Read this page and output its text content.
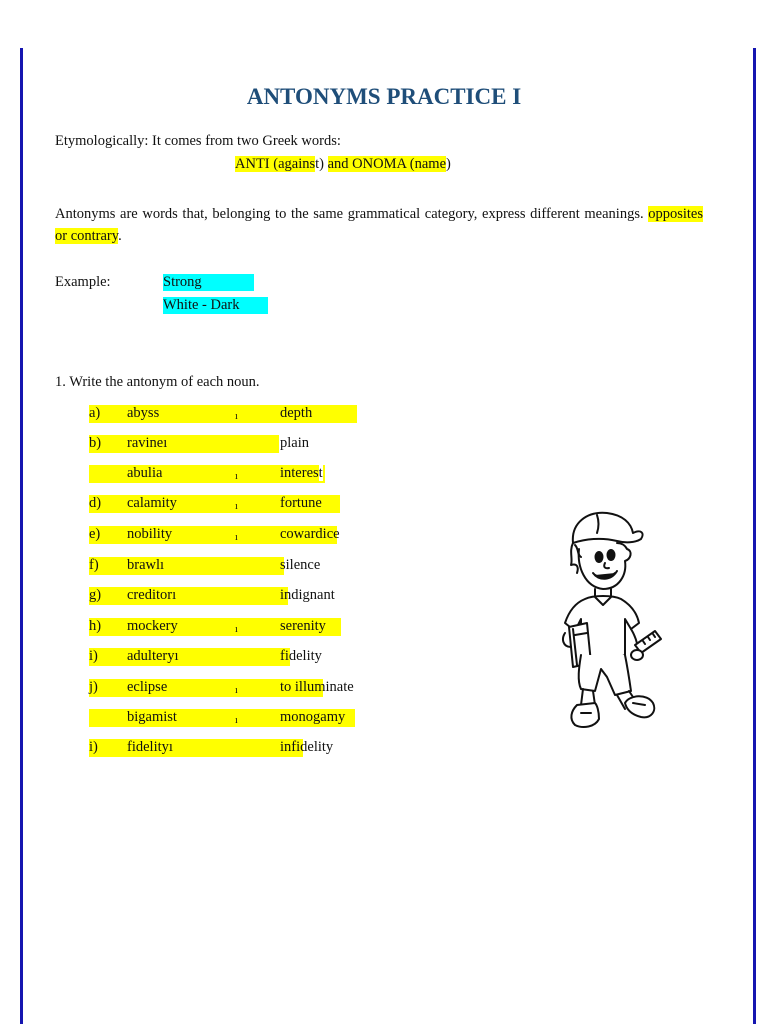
ANTONYMS PRACTICE I
Etymologically: It comes from two Greek words:
ANTI (against) and ONOMA (name)

Antonyms are words that, belonging to the same grammatical category, express different meanings. opposites or contrary.

Example:	Strong
White - Dark
1. Write the antonym of each noun.
a) abyss	ı	depth
b) ravineı	plain
abulia	ı	interest
d) calamity	ı	fortune
e) nobility	ı	cowardice
f) brawlı	silence
g) creditorı	indignant
h) mockery	ı	serenity
i) adulteryı	fidelity
j) eclipse	ı	to illuminate
bigamist	ı	monogamy
i) fidelityı	infidelity
